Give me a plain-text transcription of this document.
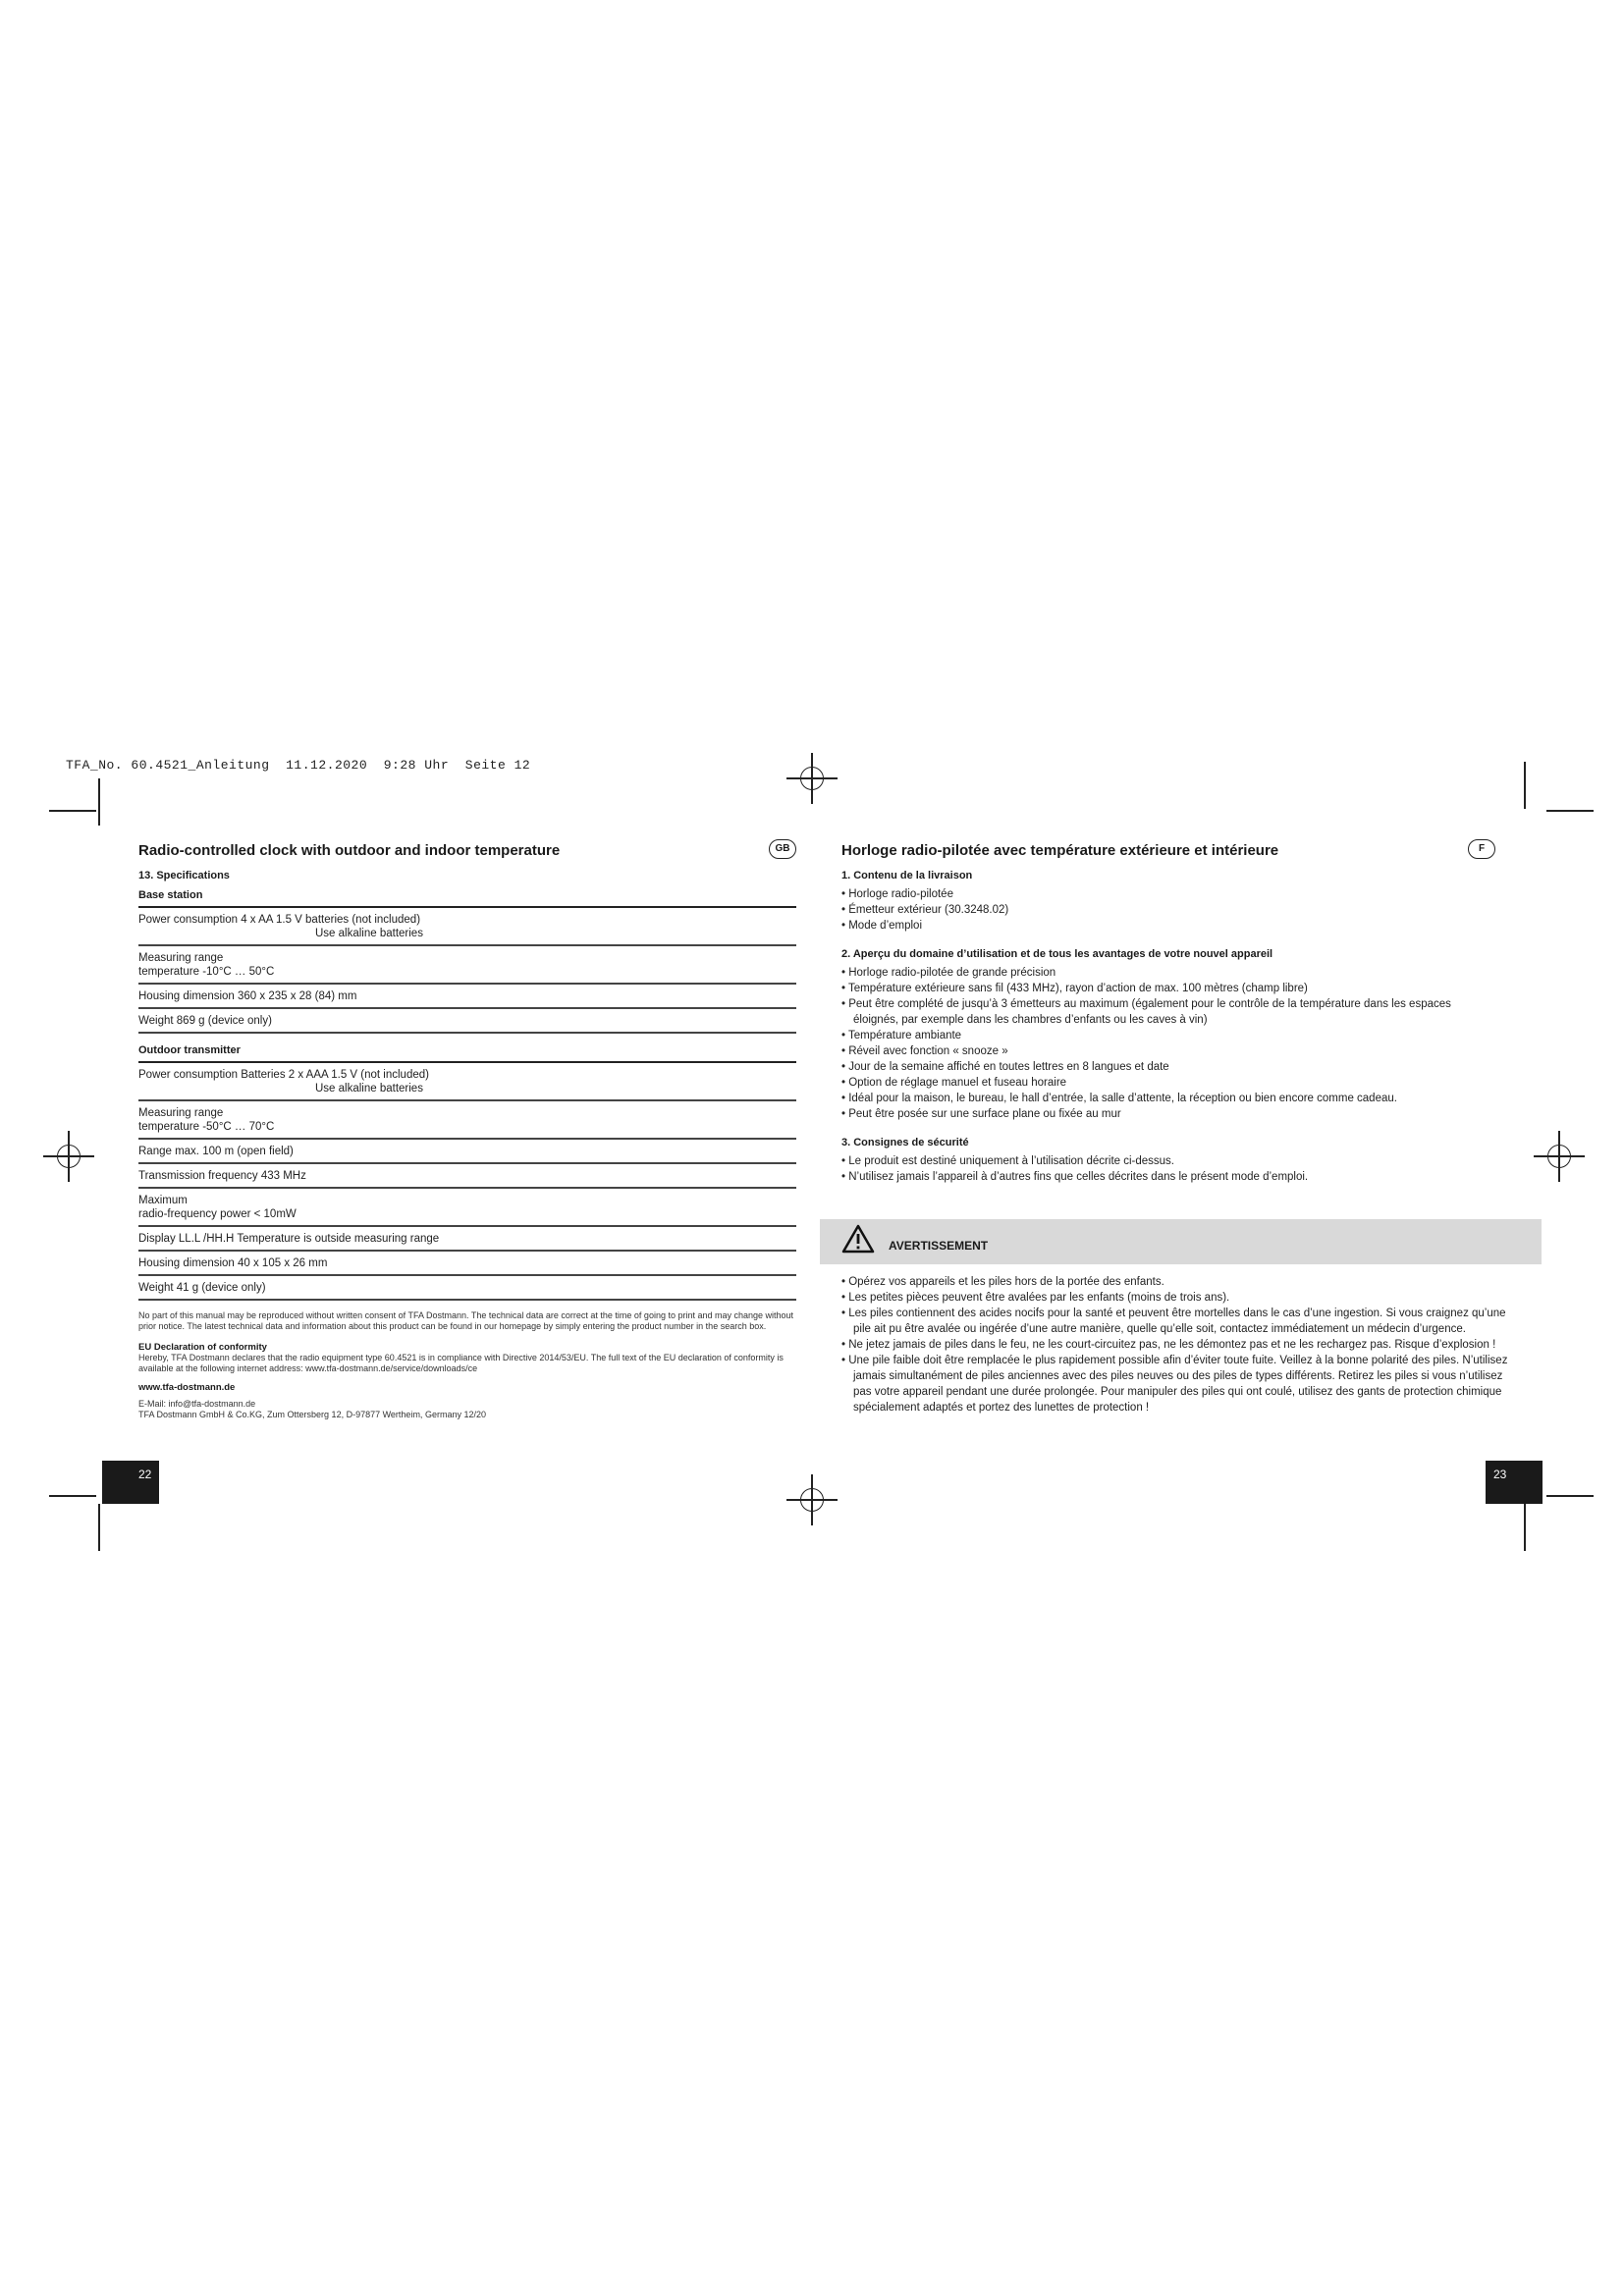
TFA_No. 60.4521_Anleitung  11.12.2020  9:28 Uhr  Seite 12
Radio-controlled clock with outdoor and indoor temperature	GB
13. Specifications
Base station
Power consumption 4 x AA 1.5 V batteries (not included)
Use alkaline batteries
Measuring range
temperature -10°C … 50°C
Housing dimension 360 x 235 x 28 (84) mm
Weight 869 g (device only)
Outdoor transmitter
Power consumption Batteries 2 x AAA 1.5 V (not included)
Use alkaline batteries
Measuring range
temperature -50°C … 70°C
Range max. 100 m (open field)
Transmission frequency 433 MHz
Maximum
radio-frequency power < 10mW
Display LL.L /HH.H Temperature is outside measuring range
Housing dimension 40 x 105 x 26 mm
Weight 41 g (device only)
No part of this manual may be reproduced without written consent of TFA Dostmann. The technical data are correct at the time of going to print and may change without prior notice. The latest technical data and information about this product can be found in our homepage by simply entering the product number in the search box.
EU Declaration of conformity
Hereby, TFA Dostmann declares that the radio equipment type 60.4521 is in compliance with Directive 2014/53/EU. The full text of the EU declaration of conformity is available at the following internet address: www.tfa-dostmann.de/service/downloads/ce
www.tfa-dostmann.de
E-Mail: info@tfa-dostmann.de
TFA Dostmann GmbH & Co.KG, Zum Ottersberg 12, D-97877 Wertheim, Germany 12/20
22
Horloge radio-pilotée avec température extérieure et intérieure	F
1. Contenu de la livraison
• Horloge radio-pilotée
• Émetteur extérieur (30.3248.02)
• Mode d’emploi
2. Aperçu du domaine d’utilisation et de tous les avantages de votre nouvel appareil
• Horloge radio-pilotée de grande précision
• Température extérieure sans fil (433 MHz), rayon d’action de max. 100 mètres (champ libre)
• Peut être complété de jusqu’à 3 émetteurs au maximum (également pour le contrôle de la température dans les espaces éloignés, par exemple dans les chambres d’enfants ou les caves à vin)
• Température ambiante
• Réveil avec fonction « snooze »
• Jour de la semaine affiché en toutes lettres en 8 langues et date
• Option de réglage manuel et fuseau horaire
• Idéal pour la maison, le bureau, le hall d’entrée, la salle d’attente, la réception ou bien encore comme cadeau.
• Peut être posée sur une surface plane ou fixée au mur
3. Consignes de sécurité
• Le produit est destiné uniquement à l’utilisation décrite ci-dessus.
• N’utilisez jamais l’appareil à d’autres fins que celles décrites dans le présent mode d’emploi.
AVERTISSEMENT
• Opérez vos appareils et les piles hors de la portée des enfants.
• Les petites pièces peuvent être avalées par les enfants (moins de trois ans).
• Les piles contiennent des acides nocifs pour la santé et peuvent être mortelles dans le cas d’une ingestion. Si vous craignez qu’une pile ait pu être avalée ou ingérée d’une autre manière, quelle qu’elle soit, contactez immédiatement un médecin d’urgence.
• Ne jetez jamais de piles dans le feu, ne les court-circuitez pas, ne les démontez pas et ne les rechargez pas. Risque d’explosion !
• Une pile faible doit être remplacée le plus rapidement possible afin d’éviter toute fuite. Veillez à la bonne polarité des piles. N’utilisez jamais simultanément de piles anciennes avec des piles neuves ou des piles de types différents. Retirez les piles si vous n’utilisez pas votre appareil pendant une durée prolongée. Pour manipuler des piles qui ont coulé, utilisez des gants de protection chimique spécialement adaptés et portez des lunettes de protection !
23
